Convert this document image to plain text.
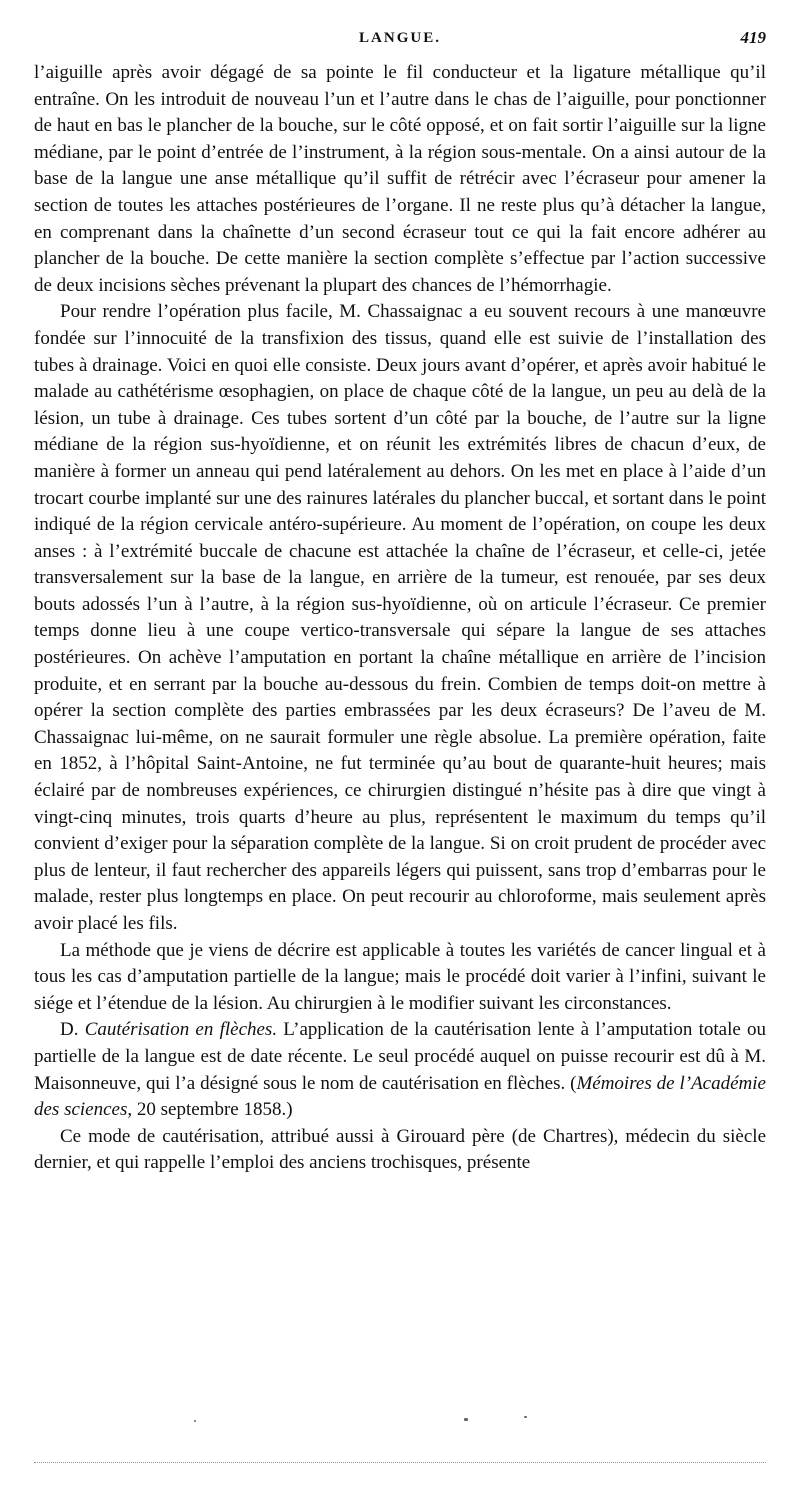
LANGUE.	419

l’aiguille après avoir dégagé de sa pointe le fil conducteur et la ligature métallique qu’il entraîne. On les introduit de nouveau l’un et l’autre dans le chas de l’aiguille, pour ponctionner de haut en bas le plancher de la bouche, sur le côté opposé, et on fait sortir l’aiguille sur la ligne médiane, par le point d’entrée de l’instrument, à la région sous-mentale. On a ainsi autour de la base de la langue une anse métallique qu’il suffit de rétrécir avec l’écraseur pour amener la section de toutes les attaches postérieures de l’organe. Il ne reste plus qu’à détacher la langue, en comprenant dans la chaînette d’un second écraseur tout ce qui la fait encore adhérer au plancher de la bouche. De cette manière la section complète s’effectue par l’action successive de deux incisions sèches prévenant la plupart des chances de l’hémorrhagie.

Pour rendre l’opération plus facile, M. Chassaignac a eu souvent recours à une manœuvre fondée sur l’innocuité de la transfixion des tissus, quand elle est suivie de l’installation des tubes à drainage. Voici en quoi elle consiste. Deux jours avant d’opérer, et après avoir habitué le malade au cathétérisme œsophagien, on place de chaque côté de la langue, un peu au delà de la lésion, un tube à drainage. Ces tubes sortent d’un côté par la bouche, de l’autre sur la ligne médiane de la région sus-hyoïdienne, et on réunit les extrémités libres de chacun d’eux, de manière à former un anneau qui pend latéralement au dehors. On les met en place à l’aide d’un trocart courbe implanté sur une des rainures latérales du plancher buccal, et sortant dans le point indiqué de la région cervicale antéro-supérieure. Au moment de l’opération, on coupe les deux anses : à l’extrémité buccale de chacune est attachée la chaîne de l’écraseur, et celle-ci, jetée transversalement sur la base de la langue, en arrière de la tumeur, est renouée, par ses deux bouts adossés l’un à l’autre, à la région sus-hyoïdienne, où on articule l’écraseur. Ce premier temps donne lieu à une coupe vertico-transversale qui sépare la langue de ses attaches postérieures. On achève l’amputation en portant la chaîne métallique en arrière de l’incision produite, et en serrant par la bouche au-dessous du frein. Combien de temps doit-on mettre à opérer la section complète des parties embrassées par les deux écraseurs? De l’aveu de M. Chassaignac lui-même, on ne saurait formuler une règle absolue. La première opération, faite en 1852, à l’hôpital Saint-Antoine, ne fut terminée qu’au bout de quarante-huit heures; mais éclairé par de nombreuses expériences, ce chirurgien distingué n’hésite pas à dire que vingt à vingt-cinq minutes, trois quarts d’heure au plus, représentent le maximum du temps qu’il convient d’exiger pour la séparation complète de la langue. Si on croit prudent de procéder avec plus de lenteur, il faut rechercher des appareils légers qui puissent, sans trop d’embarras pour le malade, rester plus longtemps en place. On peut recourir au chloroforme, mais seulement après avoir placé les fils.

La méthode que je viens de décrire est applicable à toutes les variétés de cancer lingual et à tous les cas d’amputation partielle de la langue; mais le procédé doit varier à l’infini, suivant le siége et l’étendue de la lésion. Au chirurgien à le modifier suivant les circonstances.

D. Cautérisation en flèches. L’application de la cautérisation lente à l’amputation totale ou partielle de la langue est de date récente. Le seul procédé auquel on puisse recourir est dû à M. Maisonneuve, qui l’a désigné sous le nom de cautérisation en flèches. (Mémoires de l’Académie des sciences, 20 septembre 1858.)

Ce mode de cautérisation, attribué aussi à Girouard père (de Chartres), médecin du siècle dernier, et qui rappelle l’emploi des anciens trochisques, présente
